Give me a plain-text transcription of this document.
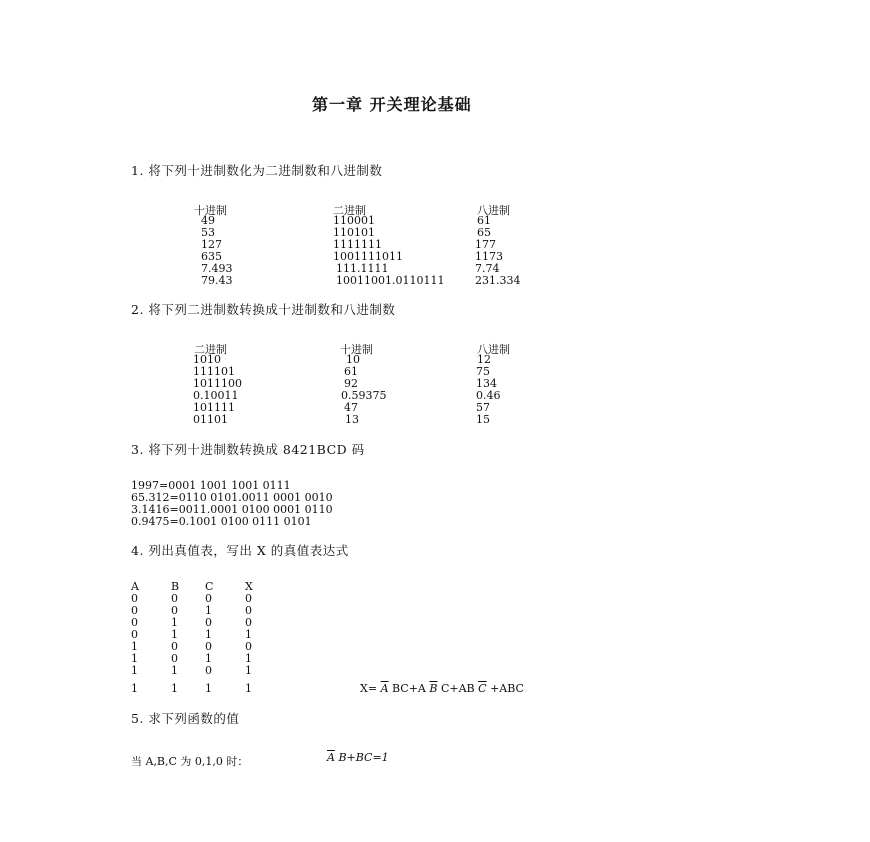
第一章 开关理论基础
1. 将下列十进制数化为二进制数和八进制数
十进制	二进制	八进制
49	110001	61
53	110101	65
127	1111111	177
635	1001111011	1173
7.493	111.1111	7.74
79.43	10011001.0110111	231.334
2. 将下列二进制数转换成十进制数和八进制数
二进制	十进制	八进制
1010	10	12
111101	61	75
1011100	92	134
0.10011	0.59375	0.46
101111	47	57
01101	13	15
3. 将下列十进制数转换成 8421BCD 码
1997=0001 1001 1001 0111
65.312=0110 0101.0011 0001 0010
3.1416=0011.0001 0100 0001 0110
0.9475=0.1001 0100 0111 0101
4. 列出真值表，写出 X 的真值表达式
A	B C	X
0	0 0	0
0	0 1	0
0	1 0	0
0	1 1	1
1	0 0	0
1	0 1	1
1	1 0	1
1	1 1	1	$X= \overline{A}$ BC+A $\overline{B}$ C+AB $\overline{C} +ABC$
5. 求下列函数的值
当 A,B,C 为 0,1,0 时：	$\overline{A}$ B+BC=1
